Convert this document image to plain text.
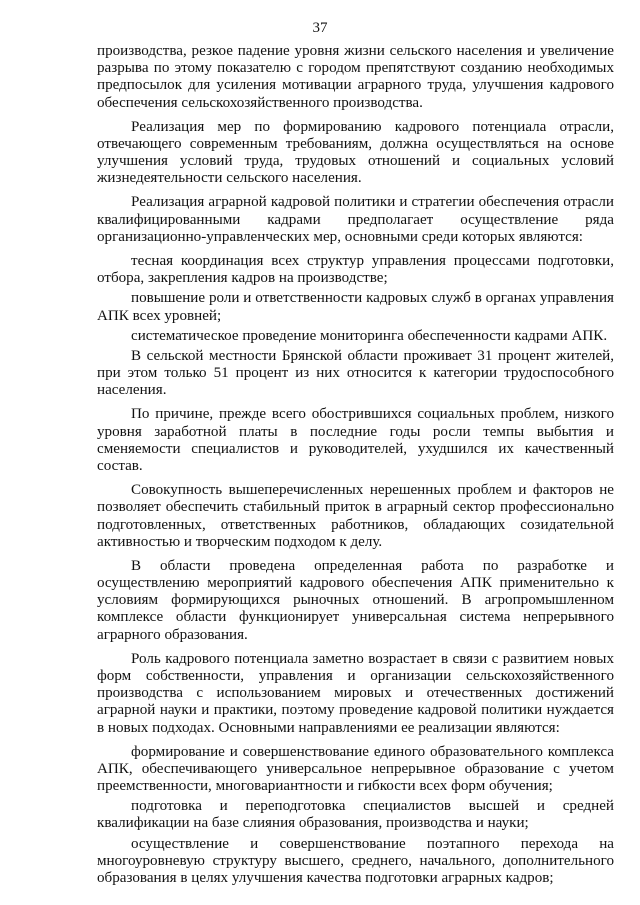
37

производства, резкое падение уровня жизни сельского населения и увеличение разрыва по этому показателю с городом препятствуют созданию необходимых предпосылок для усиления мотивации аграрного труда, улучшения кадрового обеспечения сельскохозяйственного производства.

Реализация мер по формированию кадрового потенциала отрасли, отвечающего современным требованиям, должна осуществляться на основе улучшения условий труда, трудовых отношений и социальных условий жизнедеятельности сельского населения.

Реализация аграрной кадровой политики и стратегии обеспечения отрасли квалифицированными кадрами предполагает осуществление ряда организационно-управленческих мер, основными среди которых являются:

тесная координация всех структур управления процессами подготовки, отбора, закрепления кадров на производстве;

повышение роли и ответственности кадровых служб в органах управления АПК всех уровней;

систематическое проведение мониторинга обеспеченности кадрами АПК.

В сельской местности Брянской области проживает 31 процент жителей, при этом только 51 процент из них относится к категории трудоспособного населения.

По причине, прежде всего обострившихся социальных проблем, низкого уровня заработной платы в последние годы росли темпы выбытия и сменяемости специалистов и руководителей, ухудшился их качественный состав.

Совокупность вышеперечисленных нерешенных проблем и факторов не позволяет обеспечить стабильный приток в аграрный сектор профессионально подготовленных, ответственных работников, обладающих созидательной активностью и творческим подходом к делу.

В области проведена определенная работа по разработке и осуществлению мероприятий кадрового обеспечения АПК применительно к условиям формирующихся рыночных отношений. В агропромышленном комплексе области функционирует универсальная система непрерывного аграрного образования.

Роль кадрового потенциала заметно возрастает в связи с развитием новых форм собственности, управления и организации сельскохозяйственного производства с использованием мировых и отечественных достижений аграрной науки и практики, поэтому проведение кадровой политики нуждается в новых подходах. Основными направлениями ее реализации являются:

формирование и совершенствование единого образовательного комплекса АПК, обеспечивающего универсальное непрерывное образование с учетом преемственности, многовариантности и гибкости всех форм обучения;

подготовка и переподготовка специалистов высшей и средней квалификации на базе слияния образования, производства и науки;

осуществление и совершенствование поэтапного перехода на многоуровневую структуру высшего, среднего, начального, дополнительного образования в целях улучшения качества подготовки аграрных кадров;
